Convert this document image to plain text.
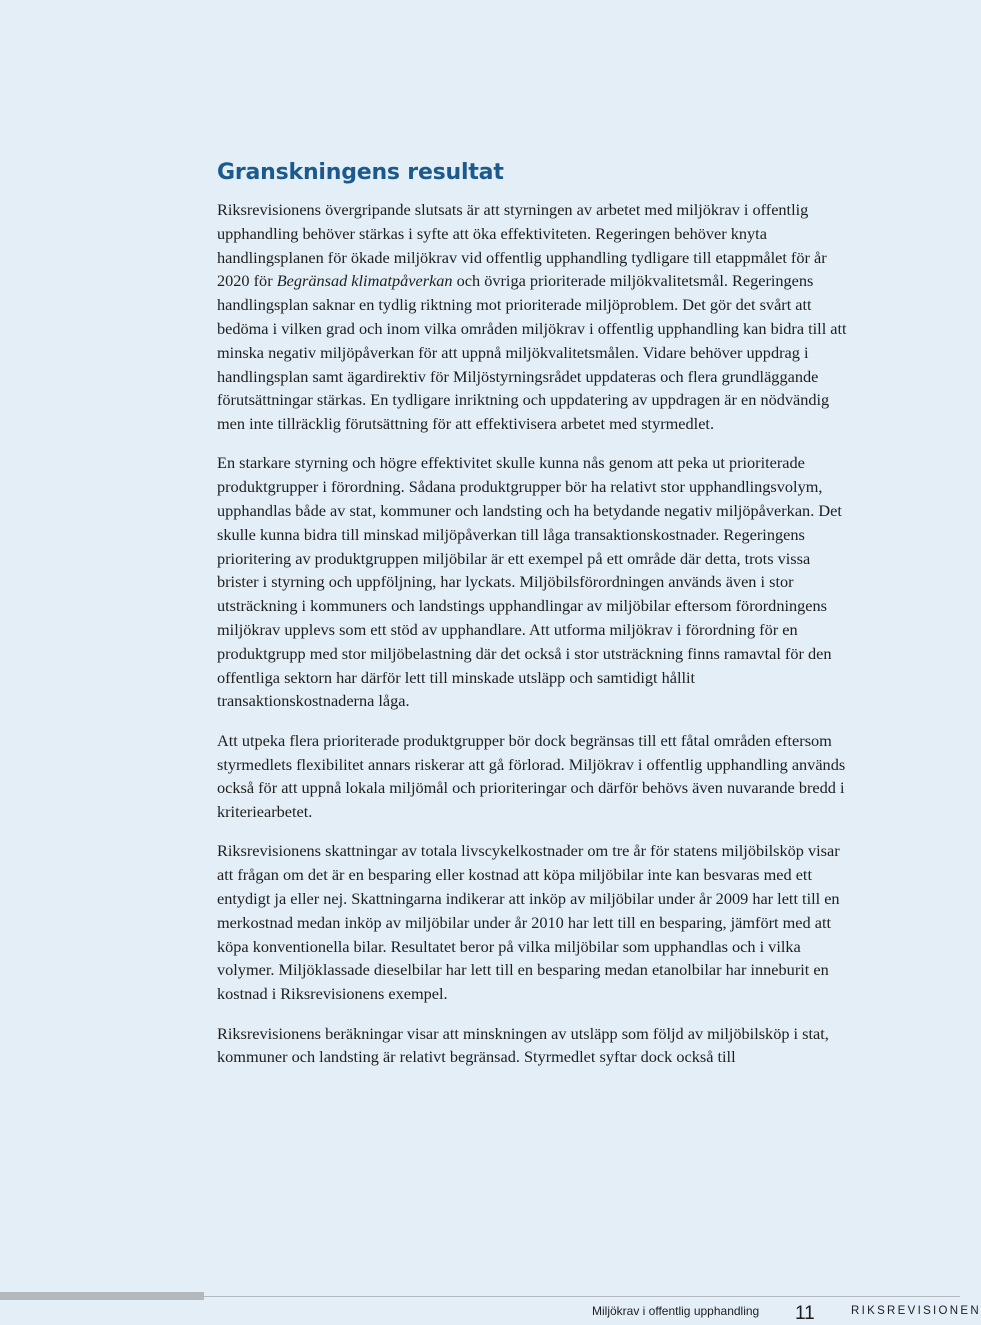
Granskningens resultat

Riksrevisionens övergripande slutsats är att styrningen av arbetet med miljökrav i offentlig upphandling behöver stärkas i syfte att öka effektiviteten. Regeringen behöver knyta handlingsplanen för ökade miljökrav vid offentlig upphandling tydligare till etappmålet för år 2020 för Begränsad klimatpåverkan och övriga prioriterade miljökvalitetsmål. Regeringens handlingsplan saknar en tydlig riktning mot prioriterade miljöproblem. Det gör det svårt att bedöma i vilken grad och inom vilka områden miljökrav i offentlig upphandling kan bidra till att minska negativ miljöpåverkan för att uppnå miljökvalitetsmålen. Vidare behöver uppdrag i handlingsplan samt ägardirektiv för Miljöstyrningsrådet uppdateras och flera grundläggande förutsättningar stärkas. En tydligare inriktning och uppdatering av uppdragen är en nödvändig men inte tillräcklig förutsättning för att effektivisera arbetet med styrmedlet.

En starkare styrning och högre effektivitet skulle kunna nås genom att peka ut prioriterade produktgrupper i förordning. Sådana produktgrupper bör ha relativt stor upphandlingsvolym, upphandlas både av stat, kommuner och landsting och ha betydande negativ miljöpåverkan. Det skulle kunna bidra till minskad miljöpåverkan till låga transaktionskostnader. Regeringens prioritering av produktgruppen miljöbilar är ett exempel på ett område där detta, trots vissa brister i styrning och uppföljning, har lyckats. Miljöbilsförordningen används även i stor utsträckning i kommuners och landstings upphandlingar av miljöbilar eftersom förordningens miljökrav upplevs som ett stöd av upphandlare. Att utforma miljökrav i förordning för en produktgrupp med stor miljöbelastning där det också i stor utsträckning finns ramavtal för den offentliga sektorn har därför lett till minskade utsläpp och samtidigt hållit transaktionskostnaderna låga.

Att utpeka flera prioriterade produktgrupper bör dock begränsas till ett fåtal områden eftersom styrmedlets flexibilitet annars riskerar att gå förlorad. Miljökrav i offentlig upphandling används också för att uppnå lokala miljömål och prioriteringar och därför behövs även nuvarande bredd i kriteriearbetet.

Riksrevisionens skattningar av totala livscykelkostnader om tre år för statens miljöbilsköp visar att frågan om det är en besparing eller kostnad att köpa miljöbilar inte kan besvaras med ett entydigt ja eller nej. Skattningarna indikerar att inköp av miljöbilar under år 2009 har lett till en merkostnad medan inköp av miljöbilar under år 2010 har lett till en besparing, jämfört med att köpa konventionella bilar. Resultatet beror på vilka miljöbilar som upphandlas och i vilka volymer. Miljöklassade dieselbilar har lett till en besparing medan etanolbilar har inneburit en kostnad i Riksrevisionens exempel.

Riksrevisionens beräkningar visar att minskningen av utsläpp som följd av miljöbilsköp i stat, kommuner och landsting är relativt begränsad. Styrmedlet syftar dock också till

Miljökrav i offentlig upphandling 11	RIKSREVISIONEN
